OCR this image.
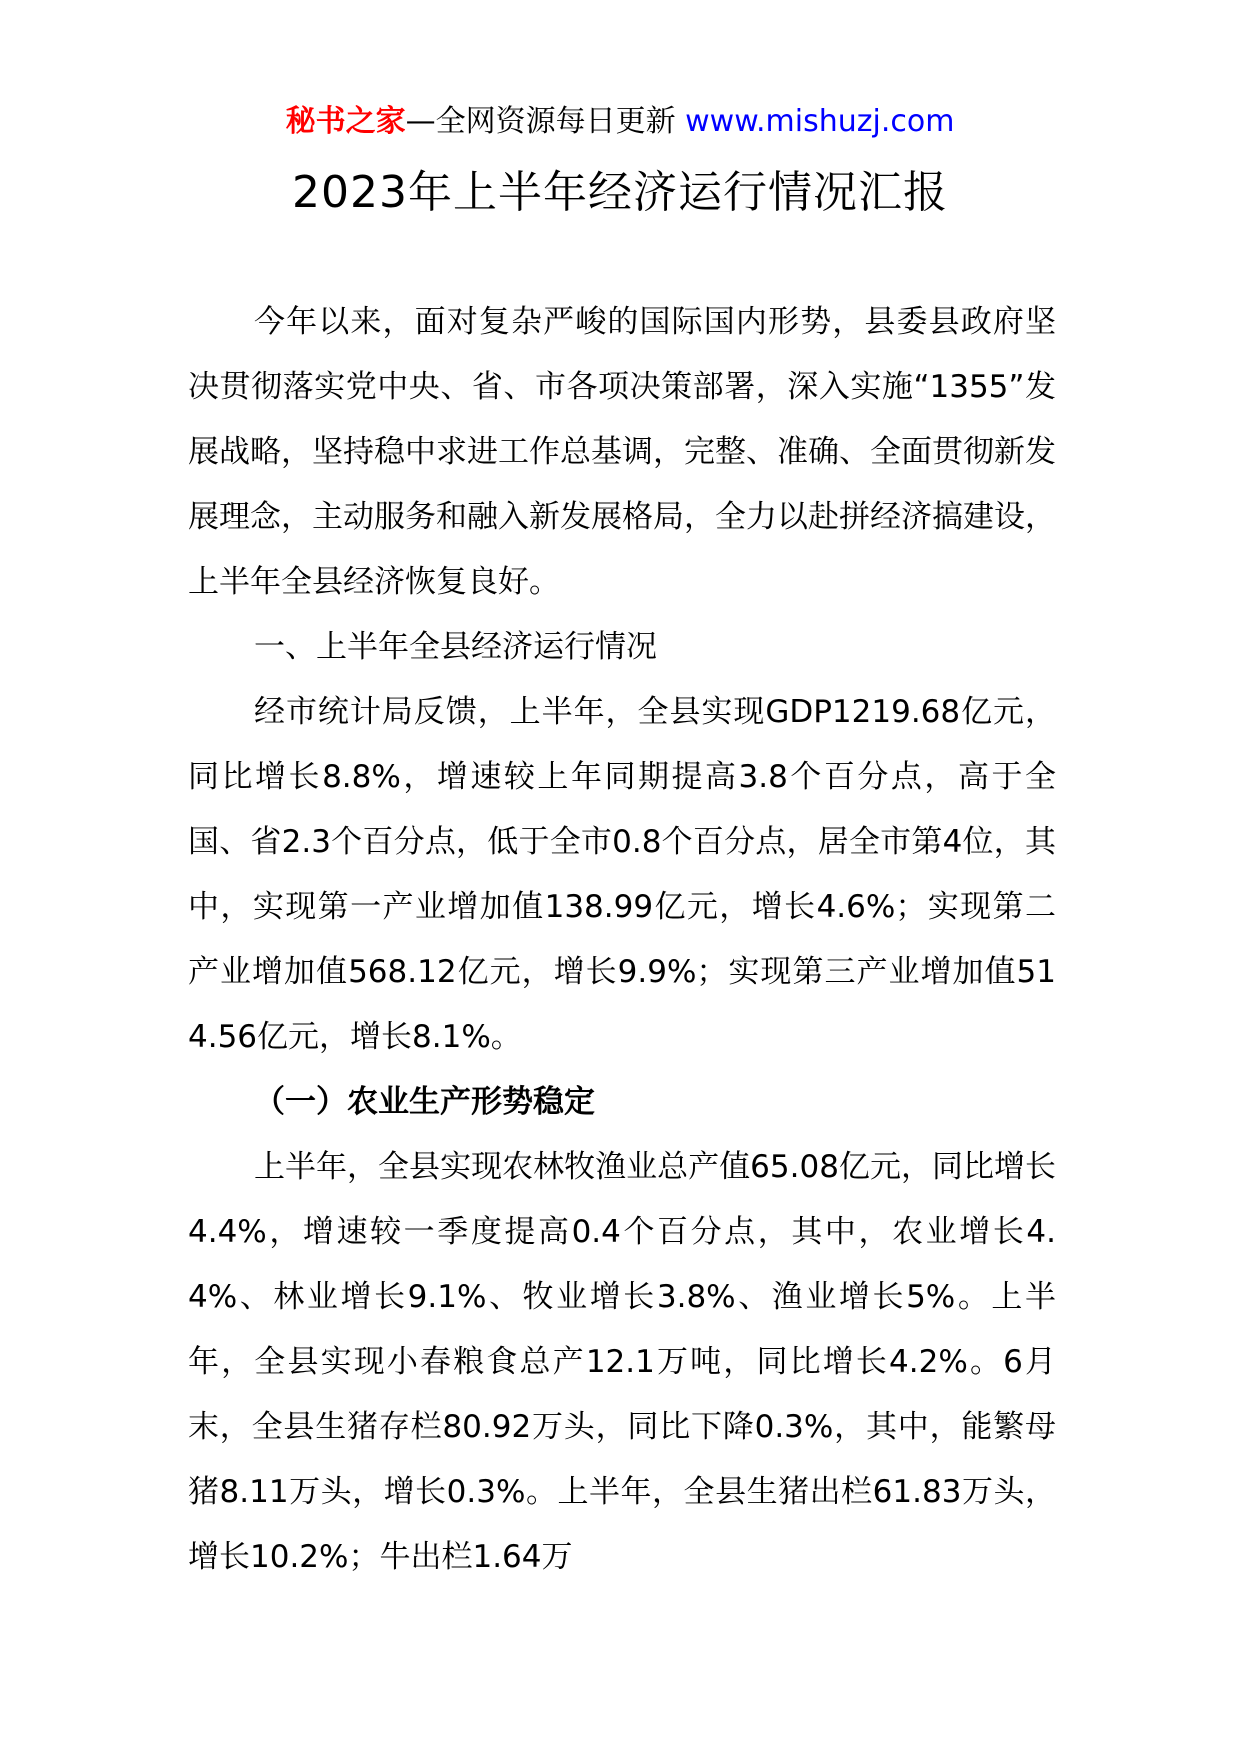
秘书之家—全网资源每日更新 www.mishuzj.com
2023年上半年经济运行情况汇报

今年以来，面对复杂严峻的国际国内形势，县委县政府坚决贯彻落实党中央、省、市各项决策部署，深入实施“1355”发展战略，坚持稳中求进工作总基调，完整、准确、全面贯彻新发展理念，主动服务和融入新发展格局，全力以赴拼经济搞建设，上半年全县经济恢复良好。

一、上半年全县经济运行情况

经市统计局反馈，上半年，全县实现GDP1219.68亿元，同比增长8.8%，增速较上年同期提高3.8个百分点，高于全国、省2.3个百分点，低于全市0.8个百分点，居全市第4位，其中，实现第一产业增加值138.99亿元，增长4.6%；实现第二产业增加值568.12亿元，增长9.9%；实现第三产业增加值514.56亿元，增长8.1%。

（一）农业生产形势稳定

上半年，全县实现农林牧渔业总产值65.08亿元，同比增长4.4%，增速较一季度提高0.4个百分点，其中，农业增长4.4%、林业增长9.1%、牧业增长3.8%、渔业增长5%。上半年，全县实现小春粮食总产12.1万吨，同比增长4.2%。6月末，全县生猪存栏80.92万头，同比下降0.3%，其中，能繁母猪8.11万头，增长0.3%。上半年，全县生猪出栏61.83万头，增长10.2%；牛出栏1.64万
